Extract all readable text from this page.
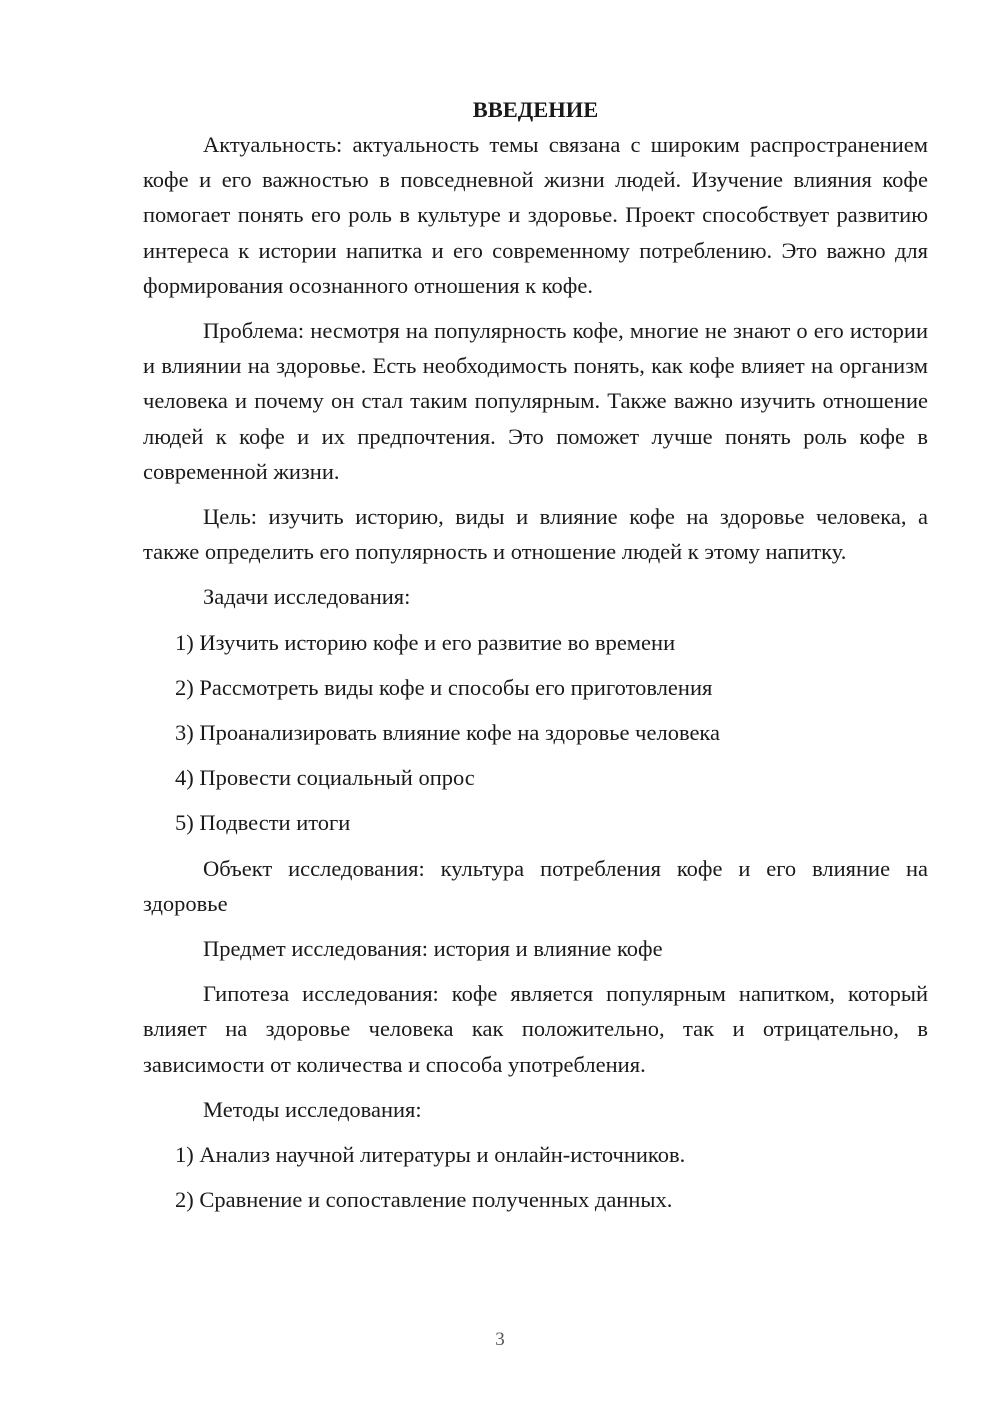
ВВЕДЕНИЕ

Актуальность: актуальность темы связана с широким распространением кофе и его важностью в повседневной жизни людей. Изучение влияния кофе помогает понять его роль в культуре и здоровье. Проект способствует развитию интереса к истории напитка и его современному потреблению. Это важно для формирования осознанного отношения к кофе.

Проблема: несмотря на популярность кофе, многие не знают о его истории и влиянии на здоровье. Есть необходимость понять, как кофе влияет на организм человека и почему он стал таким популярным. Также важно изучить отношение людей к кофе и их предпочтения. Это поможет лучше понять роль кофе в современной жизни.

Цель: изучить историю, виды и влияние кофе на здоровье человека, а также определить его популярность и отношение людей к этому напитку.

Задачи исследования:
1) Изучить историю кофе и его развитие во времени
2) Рассмотреть виды кофе и способы его приготовления
3) Проанализировать влияние кофе на здоровье человека
4) Провести социальный опрос
5) Подвести итоги

Объект исследования: культура потребления кофе и его влияние на здоровье

Предмет исследования: история и влияние кофе

Гипотеза исследования: кофе является популярным напитком, который влияет на здоровье человека как положительно, так и отрицательно, в зависимости от количества и способа употребления.

Методы исследования:
1) Анализ научной литературы и онлайн-источников.
2) Сравнение и сопоставление полученных данных.
3
